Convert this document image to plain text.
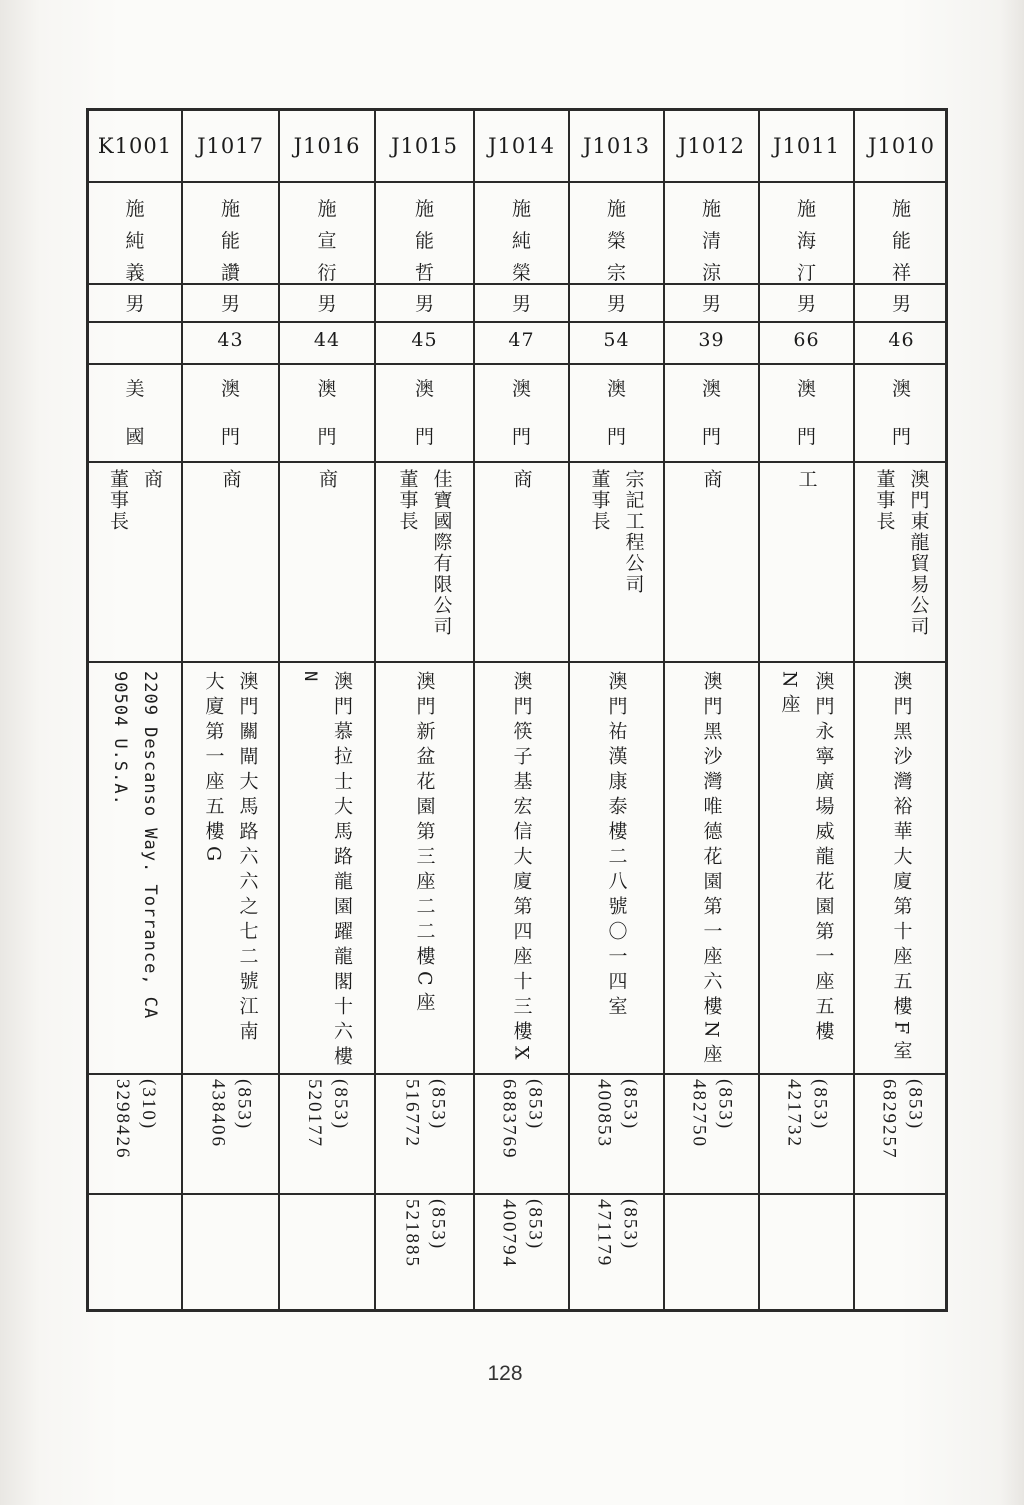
K1001
施
純
義
男
美
國
商
董事長
2209 Descanso Way. Torrance, CA
90504 U.S.A.
(310)
3298426
J1017
施
能
讚
男
43
澳
門
商
澳門關閘大馬路六六之七二號江南
大廈第一座五樓G
(853)
438406
J1016
施
宣
衍
男
44
澳
門
商
澳門慕拉士大馬路龍園躍龍閣十六樓
N
(853)
520177
J1015
施
能
哲
男
45
澳
門
佳寶國際有限公司
董事長
澳門新盆花園第三座二二樓C座
(853)
516772
(853)
521885
J1014
施
純
榮
男
47
澳
門
商
澳門筷子基宏信大廈第四座十三樓X
(853)
6883769
(853)
400794
J1013
施
榮
宗
男
54
澳
門
宗記工程公司
董事長
澳門祐漢康泰樓二八號〇一四室
(853)
400853
(853)
471179
J1012
施
清
涼
男
39
澳
門
商
澳門黑沙灣唯德花園第一座六樓N座
(853)
482750
J1011
施
海
汀
男
66
澳
門
工
澳門永寧廣場威龍花園第一座五樓
N座
(853)
421732
J1010
施
能
祥
男
46
澳
門
澳門東龍貿易公司
董事長
澳門黑沙灣裕華大廈第十座五樓F室
(853)
6829257
128
